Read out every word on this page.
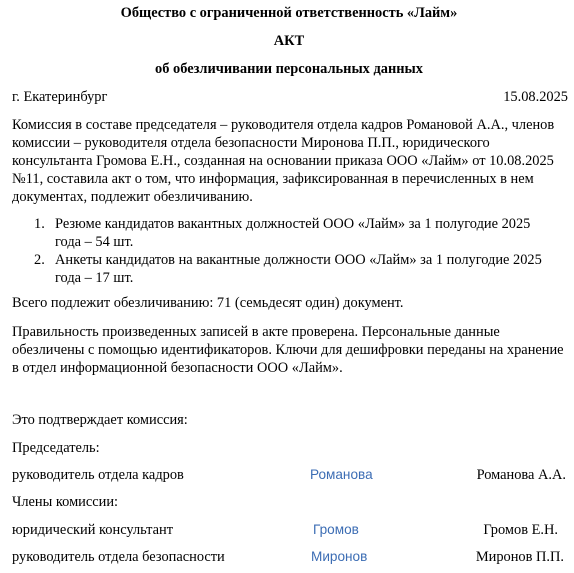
Общество с ограниченной ответственность «Лайм»
АКТ
об обезличивании персональных данных
г. Екатеринбург	15.08.2025
Комиссия в составе председателя – руководителя отдела кадров Романовой А.А., членов комиссии – руководителя отдела безопасности Миронова П.П., юридического консультанта Громова Е.Н., созданная на основании приказа ООО «Лайм» от 10.08.2025 №11, составила акт о том, что информация, зафиксированная в перечисленных в нем документах, подлежит обезличиванию.
1. Резюме кандидатов вакантных должностей ООО «Лайм» за 1 полугодие 2025 года – 54 шт.
2. Анкеты кандидатов на вакантные должности ООО «Лайм» за 1 полугодие 2025 года – 17 шт.
Всего подлежит обезличиванию: 71 (семьдесят один) документ.
Правильность произведенных записей в акте проверена. Персональные данные обезличены с помощью идентификаторов. Ключи для дешифровки переданы на хранение в отдел информационной безопасности ООО «Лайм».
Это подтверждает комиссия:
Председатель:
руководитель отдела кадров	Романова	Романова А.А.
Члены комиссии:
юридический консультант	Громов	Громов Е.Н.
руководитель отдела безопасности	Миронов	Миронов П.П.
